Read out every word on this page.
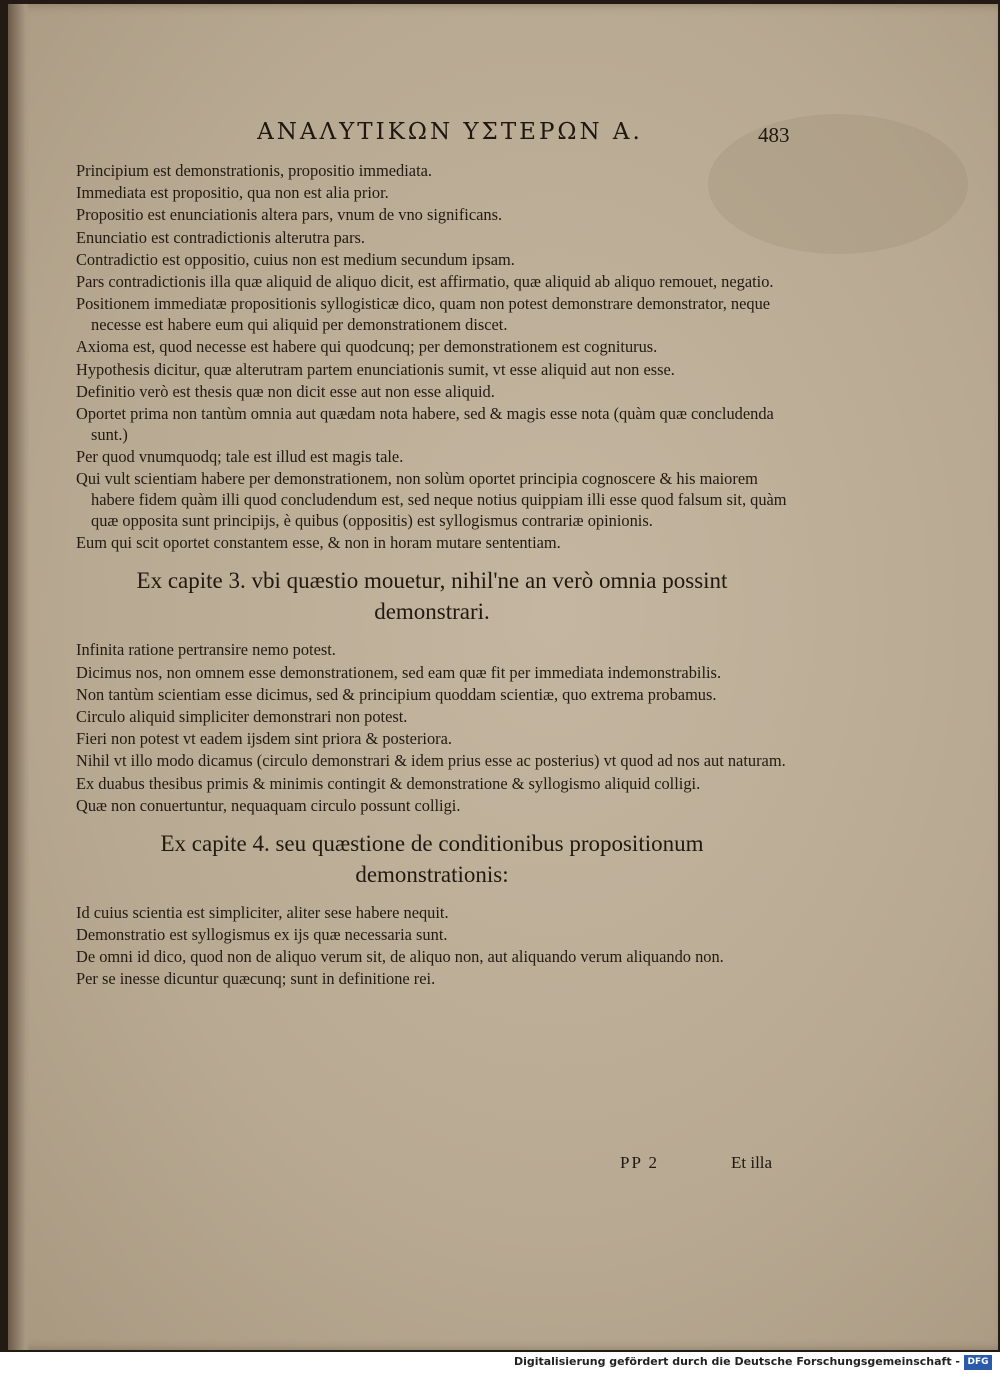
ΑΝΑΛΥΤΙΚΩΝ ΥΣΤΕΡΩΝ Α.	483

Principium est demonstrationis, propositio immediata.

Immediata est propositio, qua non est alia prior.

Propositio est enunciationis altera pars, vnum de vno significans.

Enunciatio est contradictionis alterutra pars.

Contradictio est oppositio, cuius non est medium secundum ipsam.

Pars contradictionis illa quæ aliquid de aliquo dicit, est affirmatio, quæ aliquid ab aliquo remouet, negatio.

Positionem immediatæ propositionis syllogisticæ dico, quam non potest demonstrare demonstrator, neque necesse est habere eum qui aliquid per demonstrationem discet.

Axioma est, quod necesse est habere qui quodcunq; per demonstrationem est cogniturus.

Hypothesis dicitur, quæ alterutram partem enunciationis sumit, vt esse aliquid aut non esse.

Definitio verò est thesis quæ non dicit esse aut non esse aliquid.

Oportet prima non tantùm omnia aut quædam nota habere, sed & magis esse nota (quàm quæ concludenda sunt.)

Per quod vnumquodq; tale est illud est magis tale.

Qui vult scientiam habere per demonstrationem, non solùm oportet principia cognoscere & his maiorem habere fidem quàm illi quod concludendum est, sed neque notius quippiam illi esse quod falsum sit, quàm quæ opposita sunt principijs, è quibus (oppositis) est syllogismus contrariæ opinionis.

Eum qui scit oportet constantem esse, & non in horam mutare sententiam.

Ex capite 3. vbi quæstio mouetur, nihil'ne an verò omnia possint demonstrari.

Infinita ratione pertransire nemo potest.

Dicimus nos, non omnem esse demonstrationem, sed eam quæ fit per immediata indemonstrabilis.

Non tantùm scientiam esse dicimus, sed & principium quoddam scientiæ, quo extrema probamus.

Circulo aliquid simpliciter demonstrari non potest.

Fieri non potest vt eadem ijsdem sint priora & posteriora.

Nihil vt illo modo dicamus (circulo demonstrari & idem prius esse ac posterius) vt quod ad nos aut naturam.

Ex duabus thesibus primis & minimis contingit & demonstratione & syllogismo aliquid colligi.

Quæ non conuertuntur, nequaquam circulo possunt colligi.

Ex capite 4. seu quæstione de conditionibus propositionum demonstrationis:

Id cuius scientia est simpliciter, aliter sese habere nequit.

Demonstratio est syllogismus ex ijs quæ necessaria sunt.

De omni id dico, quod non de aliquo verum sit, de aliquo non, aut aliquando verum aliquando non.

Per se inesse dicuntur quæcunq; sunt in definitione rei.

PP 2	Et illa
Digitalisierung gefördert durch die Deutsche Forschungsgemeinschaft - DFG
